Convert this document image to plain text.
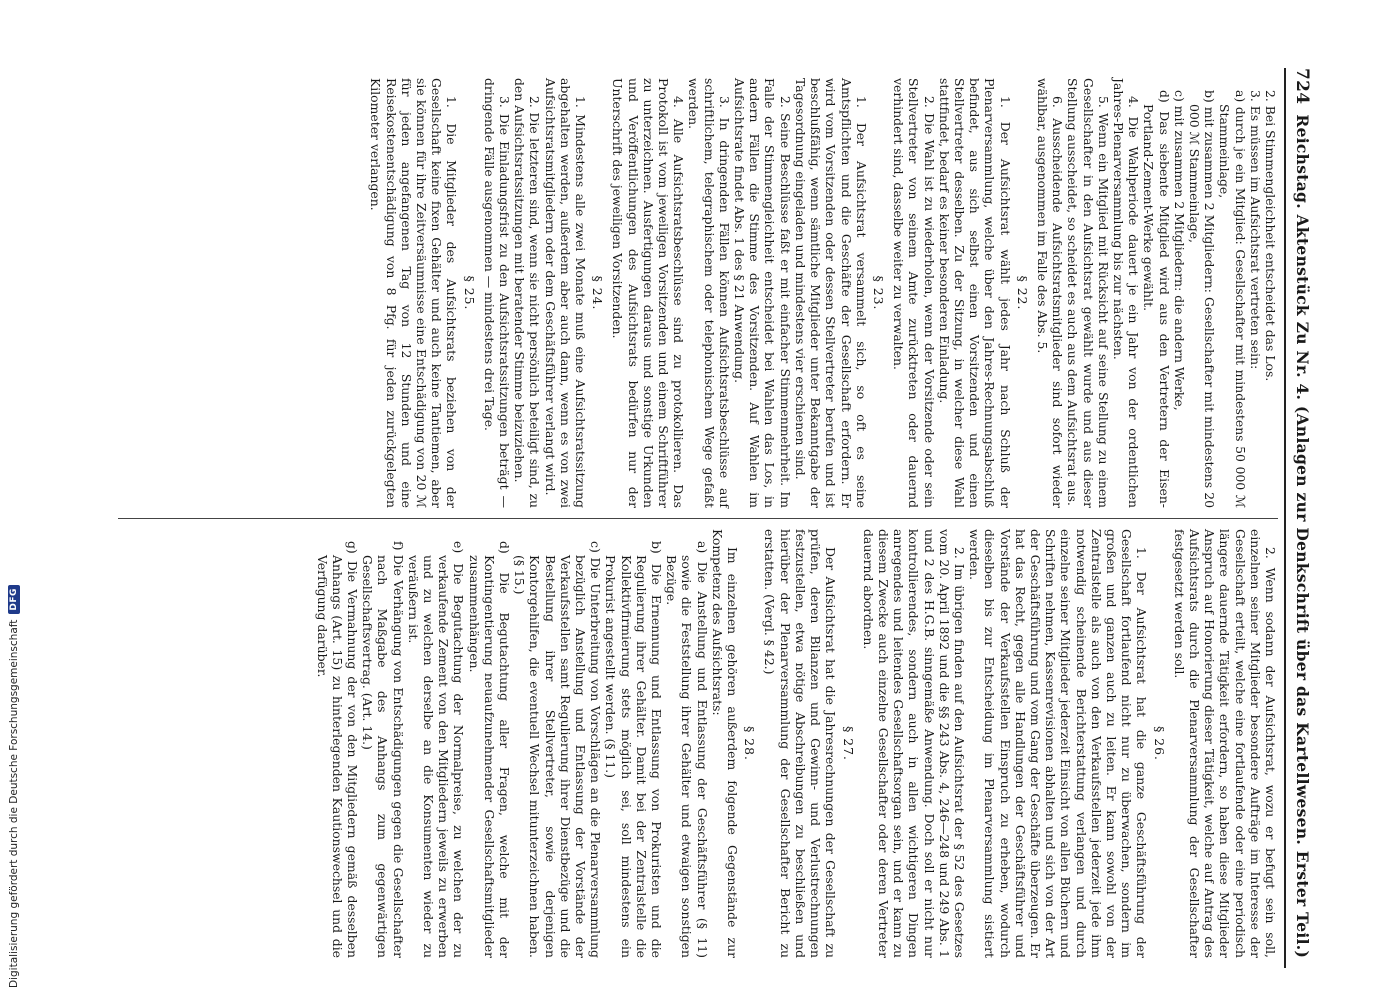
724
Reichstag. Aktenstück Zu Nr. 4. (Anlagen zur Denkschrift über das Kartellwesen. Erster Teil.)

2. Bei Stimmengleichheit entscheidet das Los.

3. Es müssen im Aufsichtsrat vertreten sein:

a) durch je ein Mitglied: Gesellschafter mit mindestens 50 000 ℳ Stammeinlage,

b) mit zusammen 2 Mitgliedern: Gesellschafter mit mindestens 20 000 ℳ Stammeinlage,

c) mit zusammen 2 Mitgliedern: die andern Werke,

d) Das siebente Mitglied wird aus den Vertretern der Eisen-Portland-Zement-Werke gewählt.

4. Die Wahlperiode dauert je ein Jahr von der ordentlichen Jahres-Plenarversammlung bis zur nächsten.

5. Wenn ein Mitglied mit Rücksicht auf seine Stellung zu einem Gesellschafter in den Aufsichtsrat gewählt wurde und aus dieser Stellung ausscheidet, so scheidet es auch aus dem Aufsichtsrat aus.

6. Ausscheidende Aufsichtsratsmitglieder sind sofort wieder wählbar, ausgenommen im Falle des Abs. 5.

§ 22.

1. Der Aufsichtsrat wählt jedes Jahr nach Schluß der Plenarversammlung, welche über den Jahres-Rechnungsabschluß befindet, aus sich selbst einen Vorsitzenden und einen Stellvertreter desselben. Zu der Sitzung, in welcher diese Wahl stattfindet, bedarf es keiner besonderen Einladung.

2. Die Wahl ist zu wiederholen, wenn der Vorsitzende oder sein Stellvertreter von seinem Amte zurücktreten oder dauernd verhindert sind, dasselbe weiter zu verwalten.

§ 23.

1. Der Aufsichtsrat versammelt sich, so oft es seine Amtspflichten und die Geschäfte der Gesellschaft erfordern. Er wird vom Vorsitzenden oder dessen Stellvertreter berufen und ist beschlußfähig, wenn sämtliche Mitglieder unter Bekanntgabe der Tagesordnung eingeladen und mindestens vier erschienen sind.

2. Seine Beschlüsse faßt er mit einfacher Stimmenmehrheit. Im Falle der Stimmengleichheit entscheidet bei Wahlen das Los, in andern Fällen die Stimme des Vorsitzenden. Auf Wahlen im Aufsichtsrate findet Abs. 1 des § 21 Anwendung.

3. In dringenden Fällen können Aufsichtsratsbeschlüsse auf schriftlichem, telegraphischem oder telephonischem Wege gefaßt werden.

4. Alle Aufsichtsratsbeschlüsse sind zu protokollieren. Das Protokoll ist vom jeweiligen Vorsitzenden und einem Schriftführer zu unterzeichnen. Ausfertigungen daraus und sonstige Urkunden und Veröffentlichungen des Aufsichtsrats bedürfen nur der Unterschrift des jeweiligen Vorsitzenden.

§ 24.

1. Mindestens alle zwei Monate muß eine Aufsichtsratssitzung abgehalten werden, außerdem aber auch dann, wenn es von zwei Aufsichtsratsmitgliedern oder dem Geschäftsführer verlangt wird.

2. Die letzteren sind, wenn sie nicht persönlich beteiligt sind, zu den Aufsichtsratssitzungen mit beratender Stimme beizuziehen.

3. Die Einladungsfrist zu den Aufsichtsratssitzungen beträgt — dringende Fälle ausgenommen — mindestens drei Tage.

§ 25.

1. Die Mitglieder des Aufsichtsrats beziehen von der Gesellschaft keine fixen Gehälter und auch keine Tantiemen, aber sie können für ihre Zeitversäumnisse eine Entschädigung von 20 ℳ für jeden angefangenen Tag von 12 Stunden und eine Reisekostenentschädigung von 8 Pfg. für jeden zurückgelegten Kilometer verlangen.

2. Wenn sodann der Aufsichtsrat, wozu er befugt sein soll, einzelnen seiner Mitglieder besondere Aufträge im Interesse der Gesellschaft erteilt, welche eine fortlaufende oder eine periodisch längere dauernde Tätigkeit erfordern, so haben diese Mitglieder Anspruch auf Honorierung dieser Tätigkeit, welche auf Antrag des Aufsichtsrats durch die Plenarversammlung der Gesellschafter festgesetzt werden soll.

§ 26.

1. Der Aufsichtsrat hat die ganze Geschäftsführung der Gesellschaft fortlaufend nicht nur zu überwachen, sondern im großen und ganzen auch zu leiten. Er kann sowohl von der Zentralstelle als auch von den Verkaufsstellen jederzeit jede ihm notwendig scheinende Berichterstattung verlangen und durch einzelne seiner Mitglieder jederzeit Einsicht von allen Büchern und Schriften nehmen, Kassenrevisionen abhalten und sich von der Art der Geschäftsführung und vom Gang der Geschäfte überzeugen. Er hat das Recht, gegen alle Handlungen der Geschäftsführer und Vorstände der Verkaufsstellen Einspruch zu erheben, wodurch dieselben bis zur Entscheidung im Plenarversammlung sistiert werden.

2. Im übrigen finden auf den Aufsichtsrat der § 52 des Gesetzes vom 20. April 1892 und die §§ 243 Abs. 4, 246—248 und 249 Abs. 1 und 2 des H.G.B. sinngemäße Anwendung. Doch soll er nicht nur kontrollierendes, sondern auch in allen wichtigeren Dingen anregendes und leitendes Gesellschaftsorgan sein, und er kann zu diesem Zwecke auch einzelne Gesellschafter oder deren Vertreter dauernd abordnen.

§ 27.

Der Aufsichtsrat hat die Jahresrechnungen der Gesellschaft zu prüfen, deren Bilanzen und Gewinn- und Verlustrechnungen festzustellen, etwa nötige Abschreibungen zu beschließen und hierüber der Plenarversammlung der Gesellschafter Bericht zu erstatten. (Vergl. § 42.)

§ 28.

Im einzelnen gehören außerdem folgende Gegenstände zur Kompetenz des Aufsichtsrats:

a) Die Anstellung und Entlassung der Geschäftsführer (§ 11) sowie die Feststellung ihrer Gehälter und etwaigen sonstigen Bezüge.

b) Die Ernennung und Entlassung von Prokuristen und die Regulierung ihrer Gehälter. Damit bei der Zentralstelle die Kollektivfirmierung stets möglich sei, soll mindestens ein Prokurist angestellt werden. (§ 11.)

c) Die Unterbreitung von Vorschlägen an die Plenarversammlung bezüglich Anstellung und Entlassung der Vorstände der Verkaufsstellen samt Regulierung ihrer Dienstbezüge und die Bestellung ihrer Stellvertreter, sowie derjenigen Kontorgehilfen, die eventuell Wechsel mitunterzeichnen haben. (§ 15.)

d) Die Begutachtung aller Fragen, welche mit der Kontingentierung neuaufzunehmender Gesellschaftsmitglieder zusammenhängen.

e) Die Begutachtung der Normalpreise, zu welchen der zu verkaufende Zement von den Mitgliedern jeweils zu erwerben und zu welchen derselbe an die Konsumenten wieder zu veräußern ist.

f) Die Verhängung von Entschädigungen gegen die Gesellschafter nach Maßgabe des Anhangs zum gegenwärtigen Gesellschaftsvertrag. (Art. 14.)

g) Die Vermahnung der von den Mitgliedern gemäß desselben Anhangs (Art. 15) zu hinterlegenden Kautionswechsel und die Verfügung darüber.

Digitalisierung gefördert durch die Deutsche Forschungsgemeinschaft
DFG
